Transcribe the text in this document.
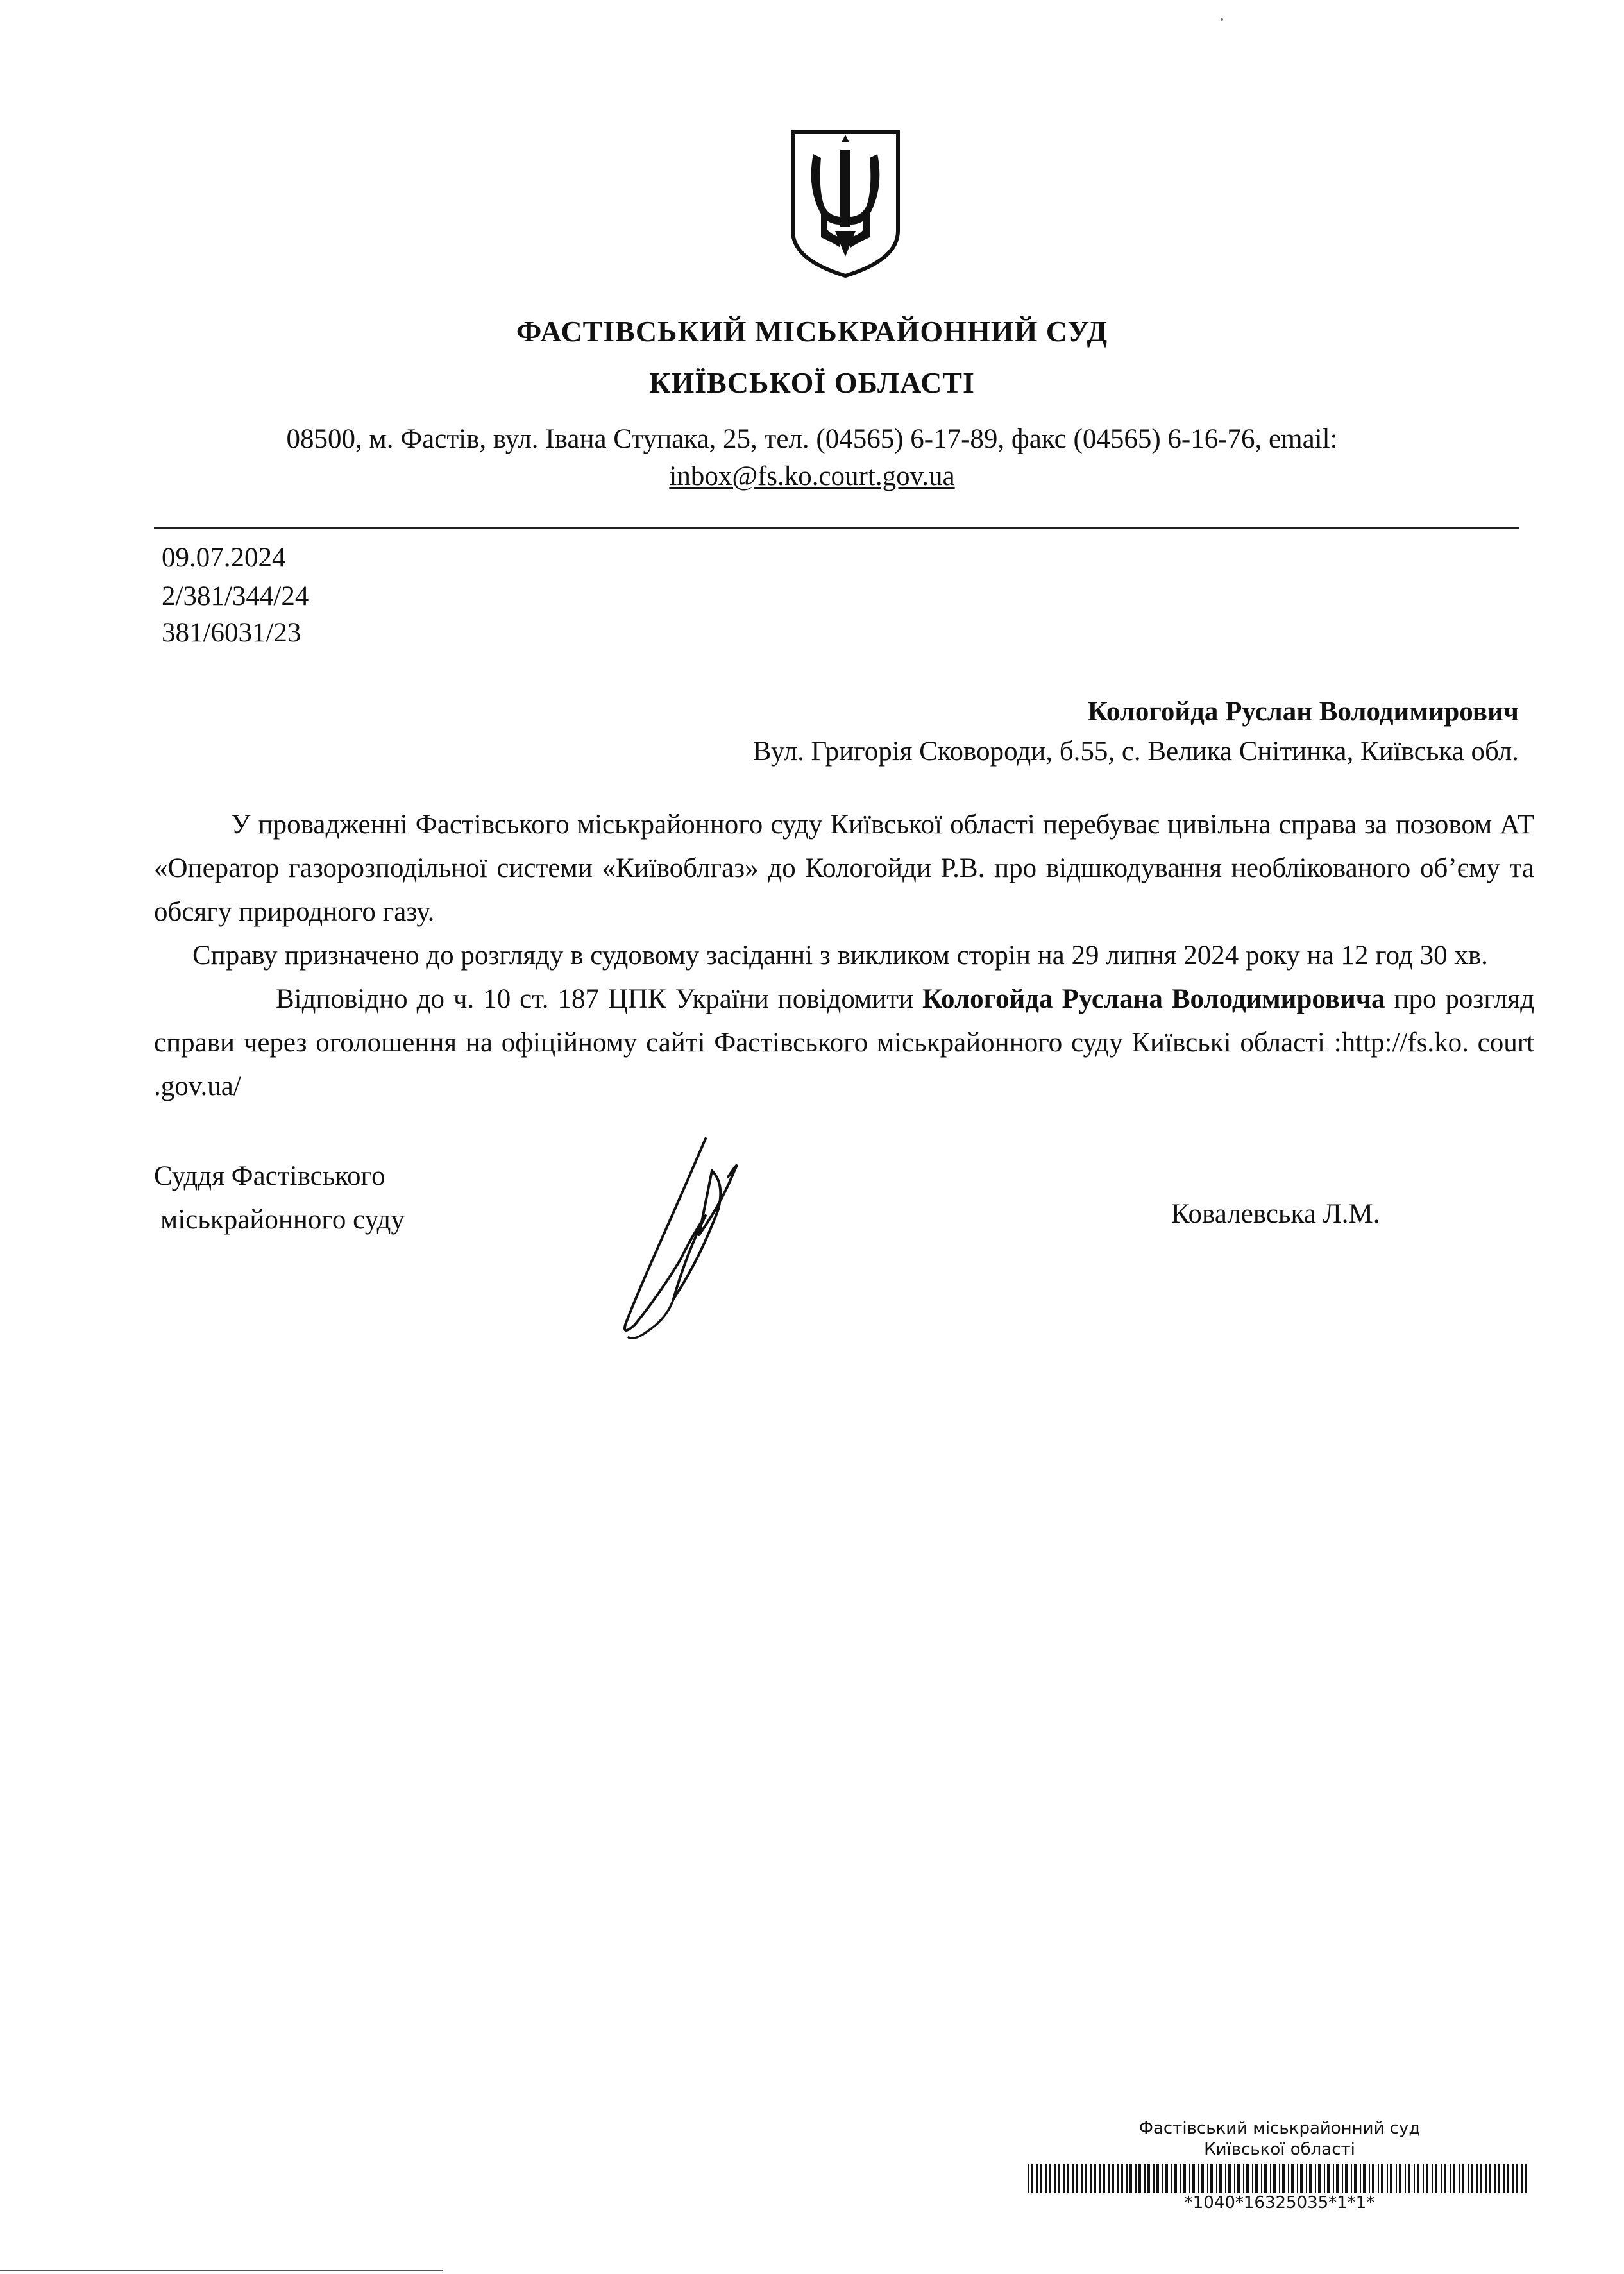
ФАСТІВСЬКИЙ МІСЬКРАЙОННИЙ СУД
КИЇВСЬКОЇ ОБЛАСТІ
08500, м. Фастів, вул. Івана Ступака, 25, тел. (04565) 6-17-89, факс (04565) 6-16-76, email:
inbox@fs.ko.court.gov.ua
09.07.2024
2/381/344/24
381/6031/23
Кологойда Руслан Володимирович
Вул. Григорія Сковороди, б.55, с. Велика Снітинка, Київська обл.

У провадженні Фастівського міськрайонного суду Київської області перебуває цивільна справа за позовом АТ «Оператор газорозподільної системи «Київоблгаз» до Кологойди Р.В. про відшкодування необлікованого об’єму та обсягу природного газу.

Справу призначено до розгляду в судовому засіданні з викликом сторін на 29 липня 2024 року на 12 год 30 хв.

Відповідно до ч. 10 ст. 187 ЦПК України повідомити Кологойда Руслана Володимировича про розгляд справи через оголошення на офіційному сайті Фастівського міськрайонного суду Київські області :http://fs.ko. court .gov.ua/

Суддя Фастівського
міськрайонного суду	Ковалевська Л.М.
Фастівський міськрайонний суд
Київської області
*1040*16325035*1*1*
